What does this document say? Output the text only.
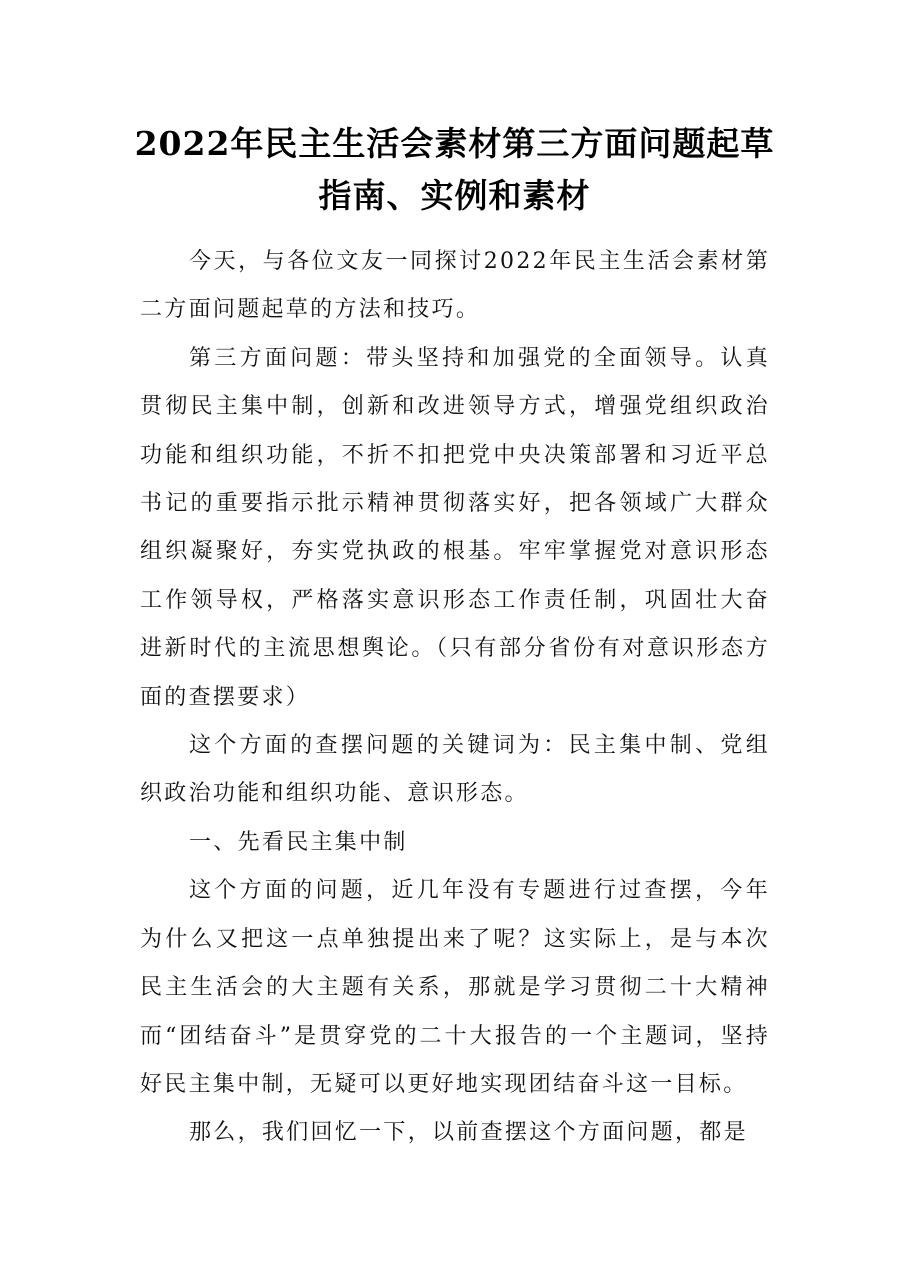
2022年民主生活会素材第三方面问题起草
指南、实例和素材

今天，与各位文友一同探讨2022年民主生活会素材第二方面问题起草的方法和技巧。

第三方面问题：带头坚持和加强党的全面领导。认真贯彻民主集中制，创新和改进领导方式，增强党组织政治功能和组织功能，不折不扣把党中央决策部署和习近平总书记的重要指示批示精神贯彻落实好，把各领域广大群众组织凝聚好，夯实党执政的根基。牢牢掌握党对意识形态工作领导权，严格落实意识形态工作责任制，巩固壮大奋进新时代的主流思想舆论。（只有部分省份有对意识形态方面的查摆要求）

这个方面的查摆问题的关键词为：民主集中制、党组织政治功能和组织功能、意识形态。

一、先看民主集中制

这个方面的问题，近几年没有专题进行过查摆，今年为什么又把这一点单独提出来了呢？这实际上，是与本次民主生活会的大主题有关系，那就是学习贯彻二十大精神而“团结奋斗”是贯穿党的二十大报告的一个主题词，坚持好民主集中制，无疑可以更好地实现团结奋斗这一目标。

那么，我们回忆一下，以前查摆这个方面问题，都是
